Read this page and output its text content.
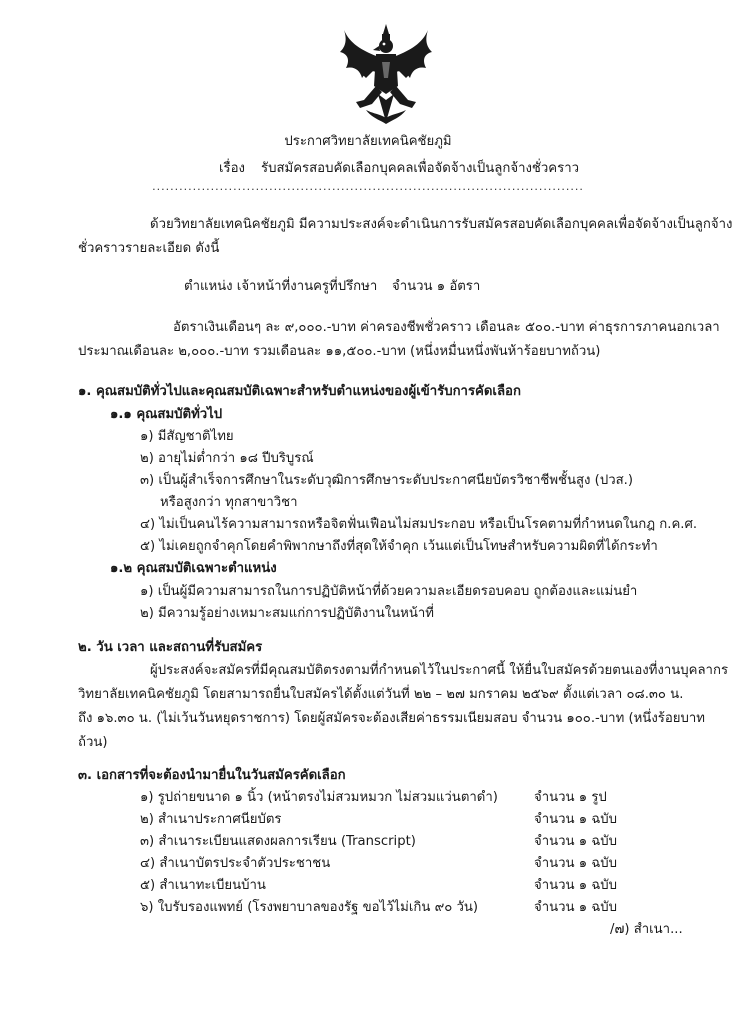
ประกาศวิทยาลัยเทคนิคชัยภูมิ

เรื่อง รับสมัครสอบคัดเลือกบุคคลเพื่อจัดจ้างเป็นลูกจ้างชั่วคราว

................................................................................................

ด้วยวิทยาลัยเทคนิคชัยภูมิ มีความประสงค์จะดำเนินการรับสมัครสอบคัดเลือกบุคคลเพื่อจัดจ้างเป็นลูกจ้าง

ชั่วคราวรายละเอียด ดังนี้

ตำแหน่ง เจ้าหน้าที่งานครูที่ปรึกษา จำนวน ๑ อัตรา

อัตราเงินเดือนๆ ละ ๙,๐๐๐.-บาท ค่าครองชีพชั่วคราว เดือนละ ๕๐๐.-บาท ค่าธุรการภาคนอกเวลา

ประมาณเดือนละ ๒,๐๐๐.-บาท รวมเดือนละ ๑๑,๕๐๐.-บาท (หนึ่งหมื่นหนึ่งพันห้าร้อยบาทถ้วน)

๑. คุณสมบัติทั่วไปและคุณสมบัติเฉพาะสำหรับตำแหน่งของผู้เข้ารับการคัดเลือก

๑.๑ คุณสมบัติทั่วไป

๑) มีสัญชาติไทย

๒) อายุไม่ต่ำกว่า ๑๘ ปีบริบูรณ์

๓) เป็นผู้สำเร็จการศึกษาในระดับวุฒิการศึกษาระดับประกาศนียบัตรวิชาชีพชั้นสูง (ปวส.)

หรือสูงกว่า ทุกสาขาวิชา

๔) ไม่เป็นคนไร้ความสามารถหรือจิตฟั่นเฟือนไม่สมประกอบ หรือเป็นโรคตามที่กำหนดในกฎ ก.ค.ศ.

๕) ไม่เคยถูกจำคุกโดยคำพิพากษาถึงที่สุดให้จำคุก เว้นแต่เป็นโทษสำหรับความผิดที่ได้กระทำ

๑.๒ คุณสมบัติเฉพาะตำแหน่ง

๑) เป็นผู้มีความสามารถในการปฏิบัติหน้าที่ด้วยความละเอียดรอบคอบ ถูกต้องและแม่นยำ

๒) มีความรู้อย่างเหมาะสมแก่การปฏิบัติงานในหน้าที่

๒. วัน เวลา และสถานที่รับสมัคร

ผู้ประสงค์จะสมัครที่มีคุณสมบัติตรงตามที่กำหนดไว้ในประกาศนี้ ให้ยื่นใบสมัครด้วยตนเองที่งานบุคลากร

วิทยาลัยเทคนิคชัยภูมิ โดยสามารถยื่นใบสมัครได้ตั้งแต่วันที่ ๒๒ – ๒๗ มกราคม ๒๕๖๙ ตั้งแต่เวลา ๐๘.๓๐ น.

ถึง ๑๖.๓๐ น. (ไม่เว้นวันหยุดราชการ) โดยผู้สมัครจะต้องเสียค่าธรรมเนียมสอบ จำนวน ๑๐๐.-บาท (หนึ่งร้อยบาท

ถ้วน)

๓. เอกสารที่จะต้องนำมายื่นในวันสมัครคัดเลือก

๑) รูปถ่ายขนาด ๑ นิ้ว (หน้าตรงไม่สวมหมวก ไม่สวมแว่นตาดำ)	จำนวน ๑ รูป

๒) สำเนาประกาศนียบัตร	จำนวน ๑ ฉบับ

๓) สำเนาระเบียนแสดงผลการเรียน (Transcript)	จำนวน ๑ ฉบับ

๔) สำเนาบัตรประจำตัวประชาชน	จำนวน ๑ ฉบับ

๕) สำเนาทะเบียนบ้าน	จำนวน ๑ ฉบับ

๖) ใบรับรองแพทย์ (โรงพยาบาลของรัฐ ขอไว้ไม่เกิน ๙๐ วัน)	จำนวน ๑ ฉบับ

/๗) สำเนา...
